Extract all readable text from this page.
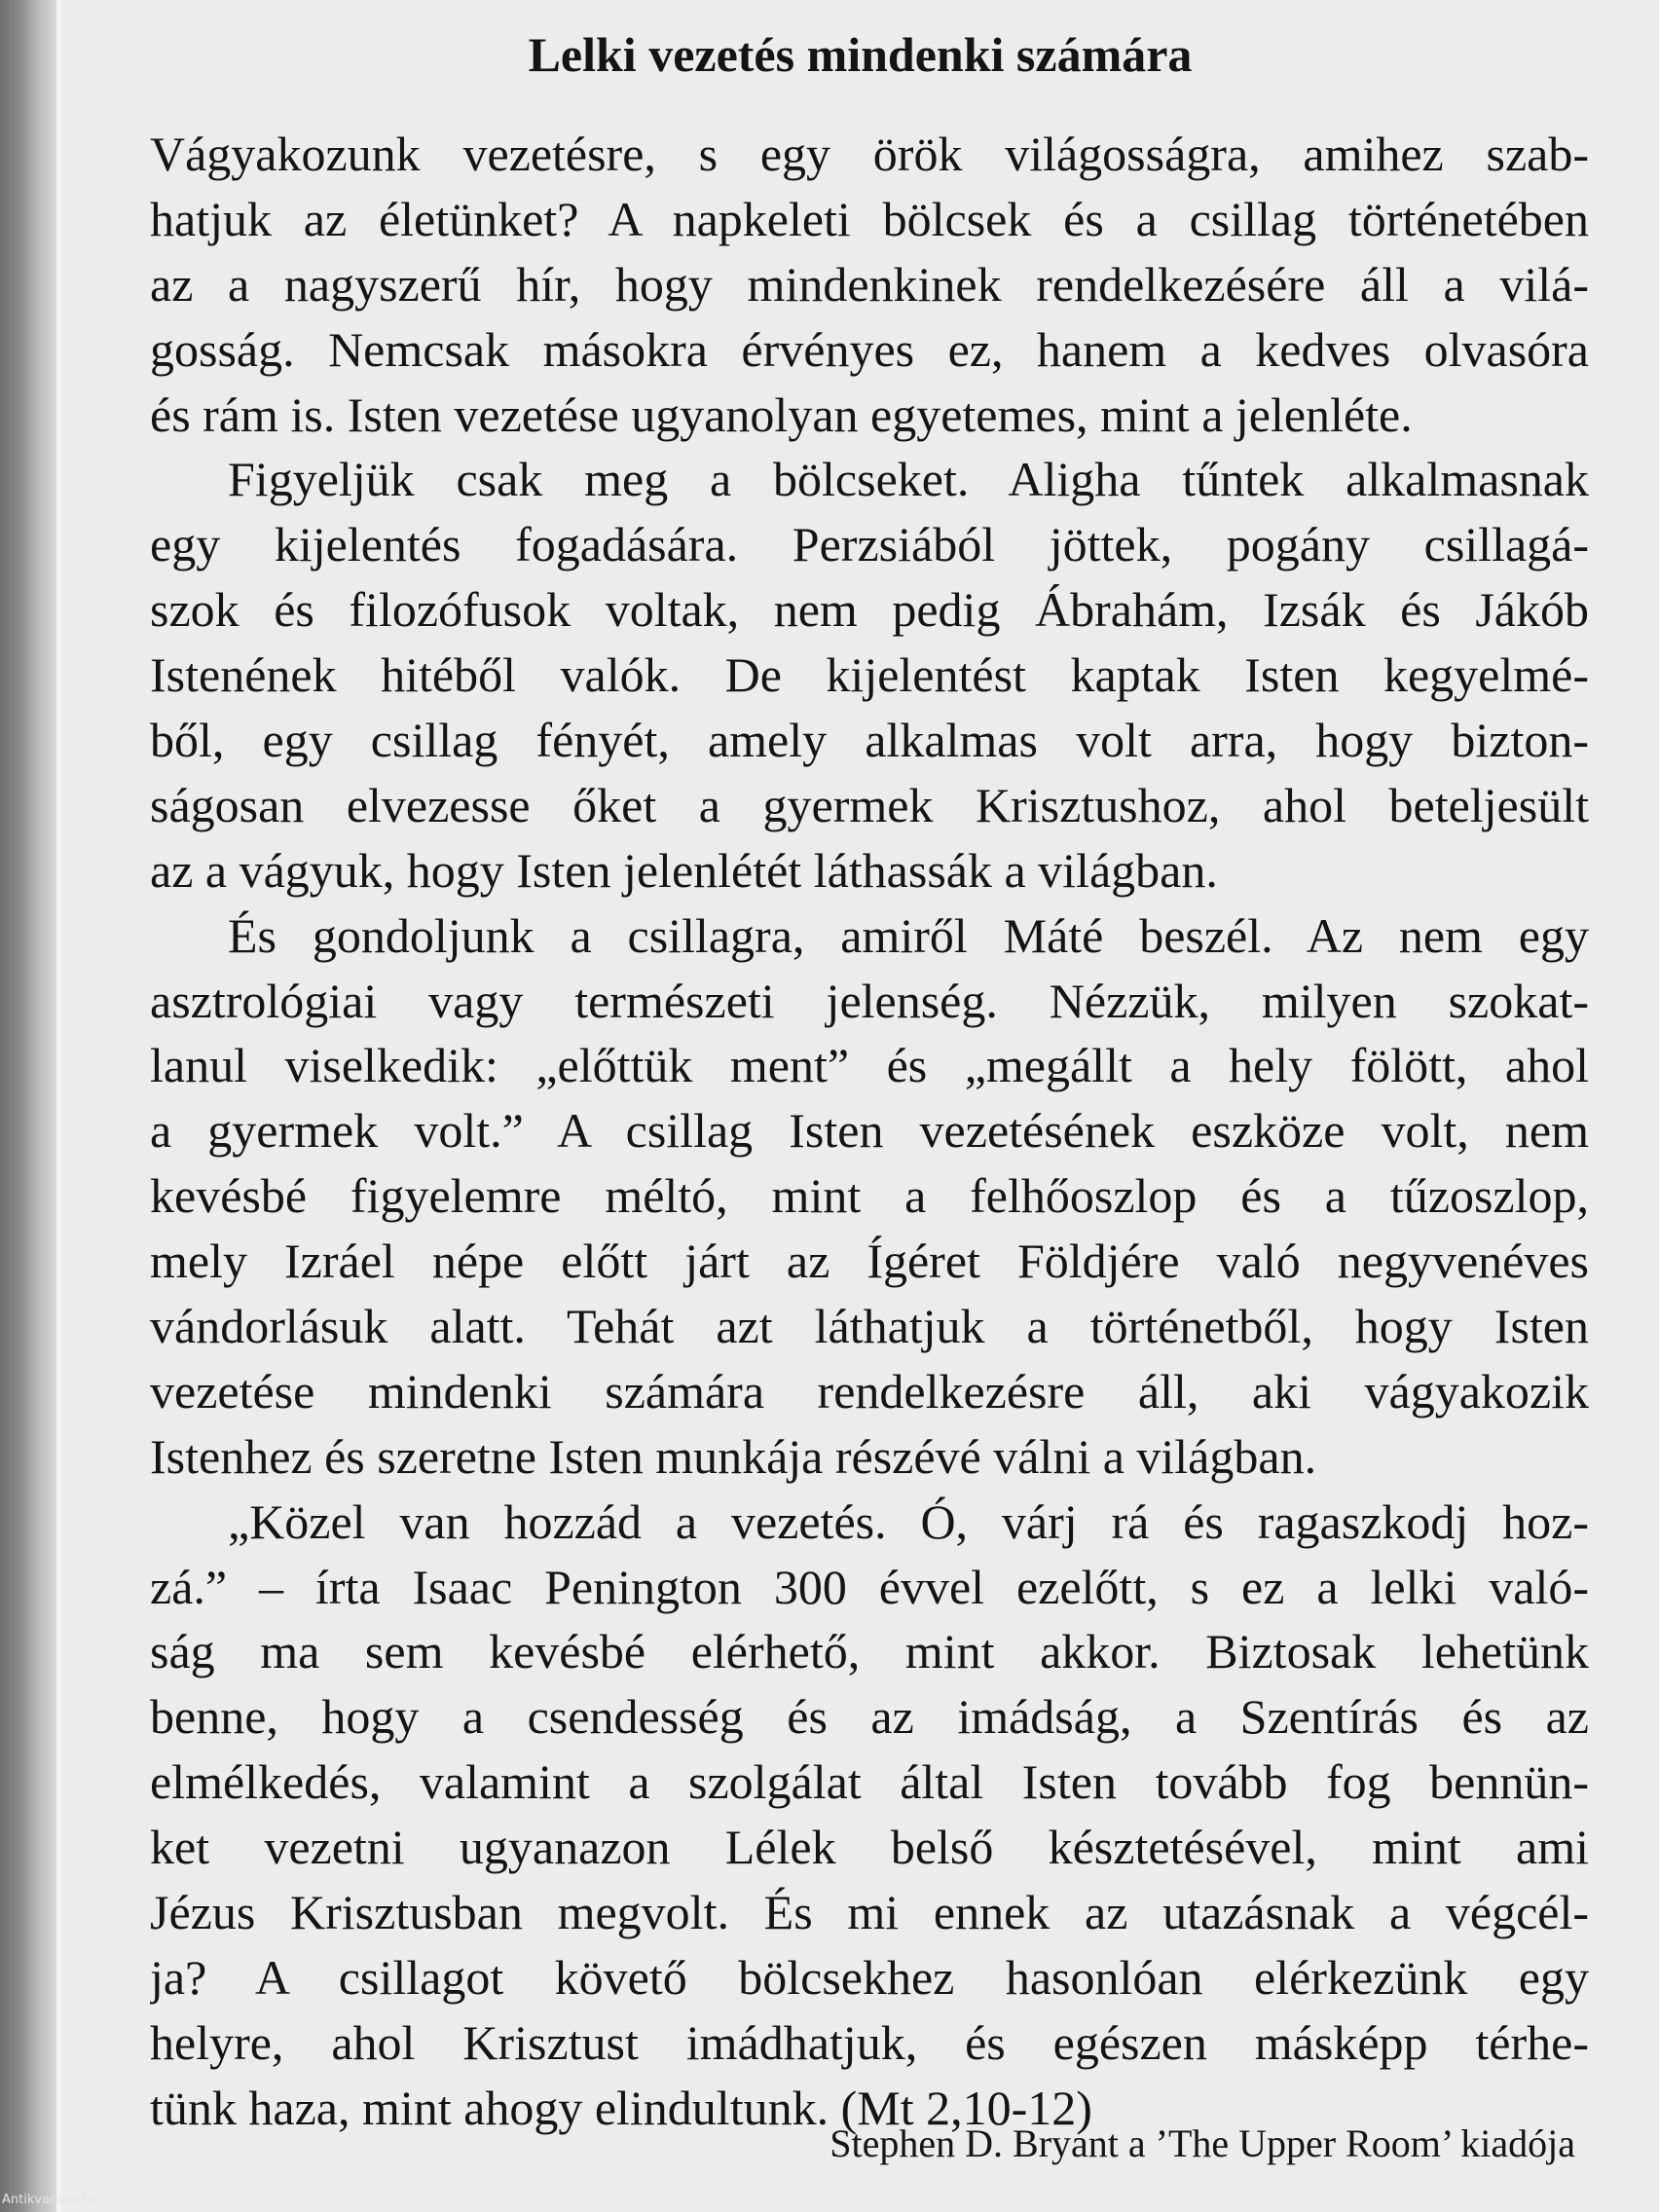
Lelki vezetés mindenki számára
Vágyakozunk vezetésre, s egy örök világosságra, amihez szab-
hatjuk az életünket? A napkeleti bölcsek és a csillag történetében
az a nagyszerű hír, hogy mindenkinek rendelkezésére áll a vilá-
gosság. Nemcsak másokra érvényes ez, hanem a kedves olvasóra
és rám is. Isten vezetése ugyanolyan egyetemes, mint a jelenléte.
Figyeljük csak meg a bölcseket. Aligha tűntek alkalmasnak
egy kijelentés fogadására. Perzsiából jöttek, pogány csillagá-
szok és filozófusok voltak, nem pedig Ábrahám, Izsák és Jákób
Istenének hitéből valók. De kijelentést kaptak Isten kegyelmé-
ből, egy csillag fényét, amely alkalmas volt arra, hogy bizton-
ságosan elvezesse őket a gyermek Krisztushoz, ahol beteljesült
az a vágyuk, hogy Isten jelenlétét láthassák a világban.
És gondoljunk a csillagra, amiről Máté beszél. Az nem egy
asztrológiai vagy természeti jelenség. Nézzük, milyen szokat-
lanul viselkedik: „előttük ment” és „megállt a hely fölött, ahol
a gyermek volt.” A csillag Isten vezetésének eszköze volt, nem
kevésbé figyelemre méltó, mint a felhőoszlop és a tűzoszlop,
mely Izráel népe előtt járt az Ígéret Földjére való negyvenéves
vándorlásuk alatt. Tehát azt láthatjuk a történetből, hogy Isten
vezetése mindenki számára rendelkezésre áll, aki vágyakozik
Istenhez és szeretne Isten munkája részévé válni a világban.
„Közel van hozzád a vezetés. Ó, várj rá és ragaszkodj hoz-
zá.” – írta Isaac Penington 300 évvel ezelőtt, s ez a lelki való-
ság ma sem kevésbé elérhető, mint akkor. Biztosak lehetünk
benne, hogy a csendesség és az imádság, a Szentírás és az
elmélkedés, valamint a szolgálat által Isten tovább fog bennün-
ket vezetni ugyanazon Lélek belső késztetésével, mint ami
Jézus Krisztusban megvolt. És mi ennek az utazásnak a végcél-
ja? A csillagot követő bölcsekhez hasonlóan elérkezünk egy
helyre, ahol Krisztust imádhatjuk, és egészen másképp térhe-
tünk haza, mint ahogy elindultunk. (Mt 2,10-12)
Stephen D. Bryant a ’The Upper Room’ kiadója
Antikvarium.hu
